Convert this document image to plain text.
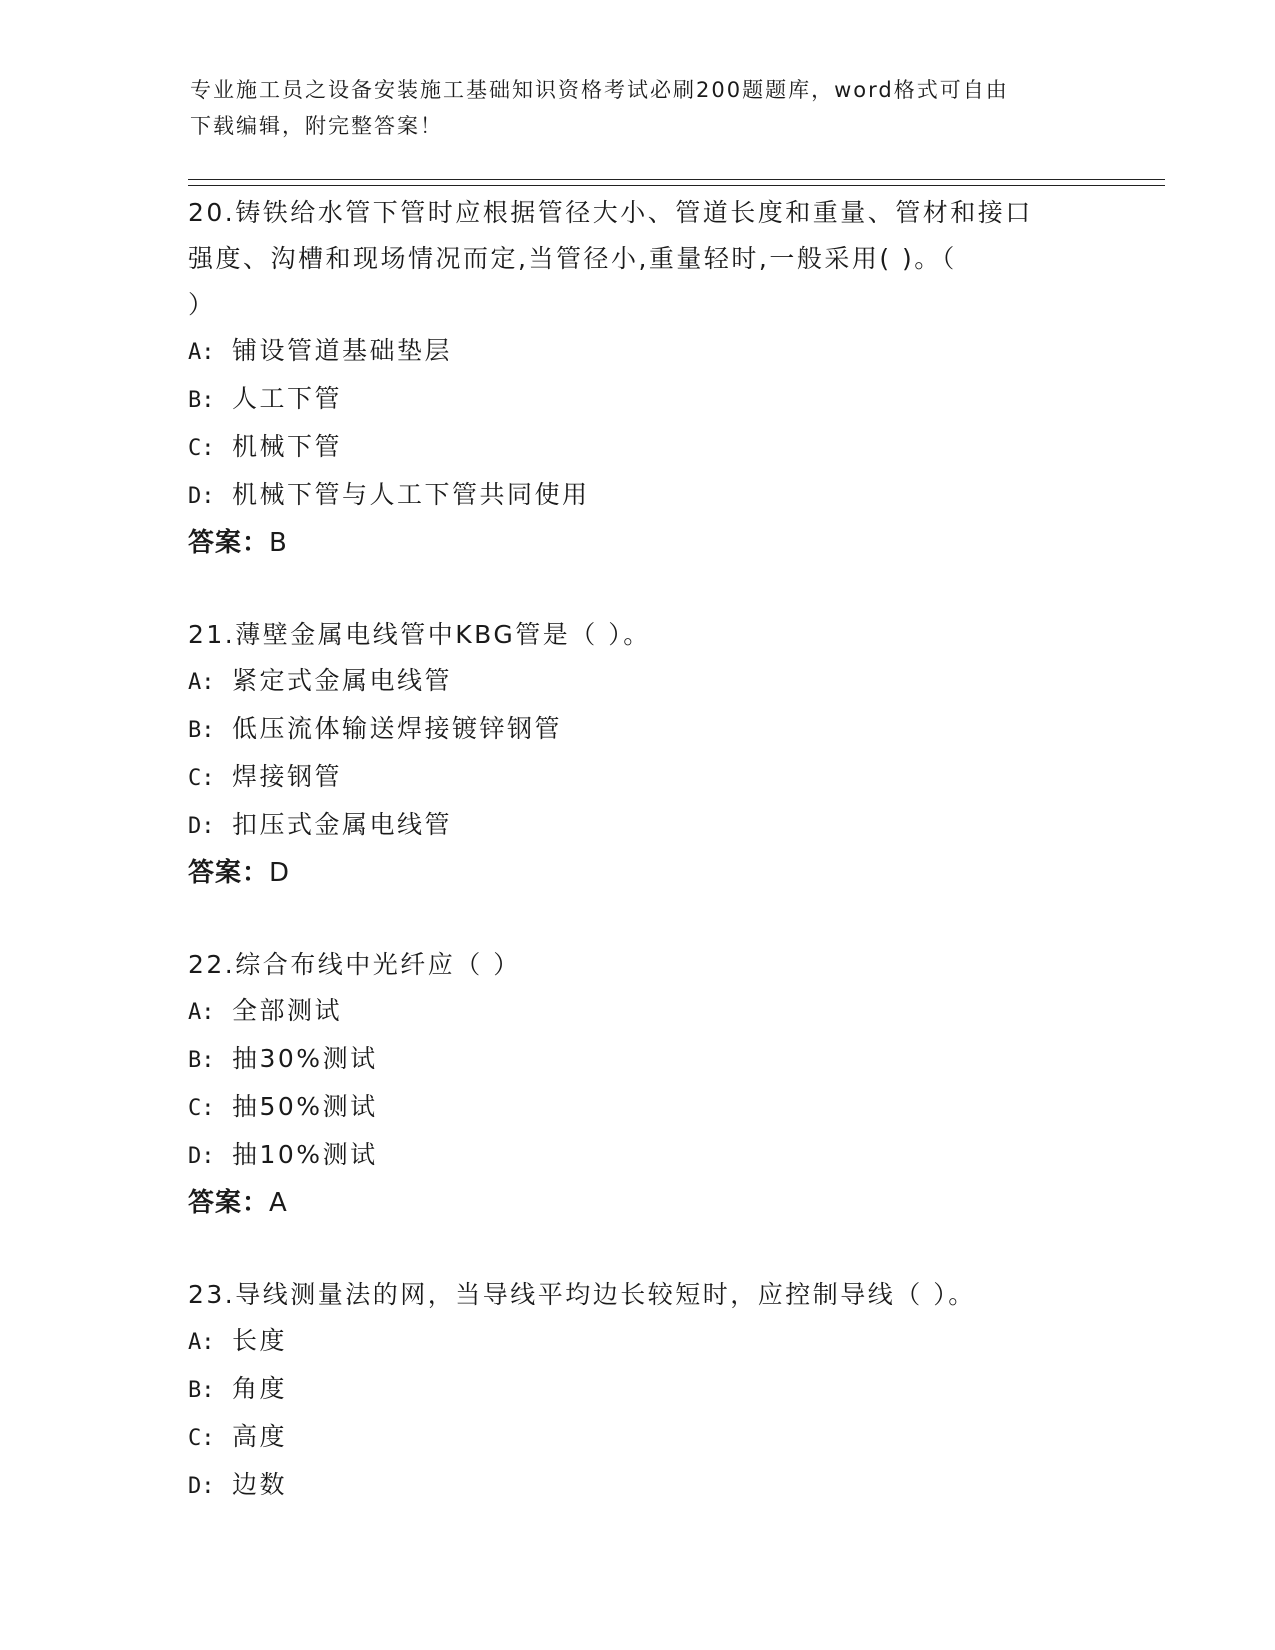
专业施工员之设备安装施工基础知识资格考试必刷200题题库，word格式可自由
下载编辑，附完整答案！
20.铸铁给水管下管时应根据管径大小、管道长度和重量、管材和接口
强度、沟槽和现场情况而定,当管径小,重量轻时,一般采用( )。（
）
A: 铺设管道基础垫层
B: 人工下管
C: 机械下管
D: 机械下管与人工下管共同使用
答案：B
21.薄壁金属电线管中KBG管是（ ）。
A: 紧定式金属电线管
B: 低压流体输送焊接镀锌钢管
C: 焊接钢管
D: 扣压式金属电线管
答案：D
22.综合布线中光纤应（ ）
A: 全部测试
B: 抽30%测试
C: 抽50%测试
D: 抽10%测试
答案：A
23.导线测量法的网，当导线平均边长较短时，应控制导线（ ）。
A: 长度
B: 角度
C: 高度
D: 边数
